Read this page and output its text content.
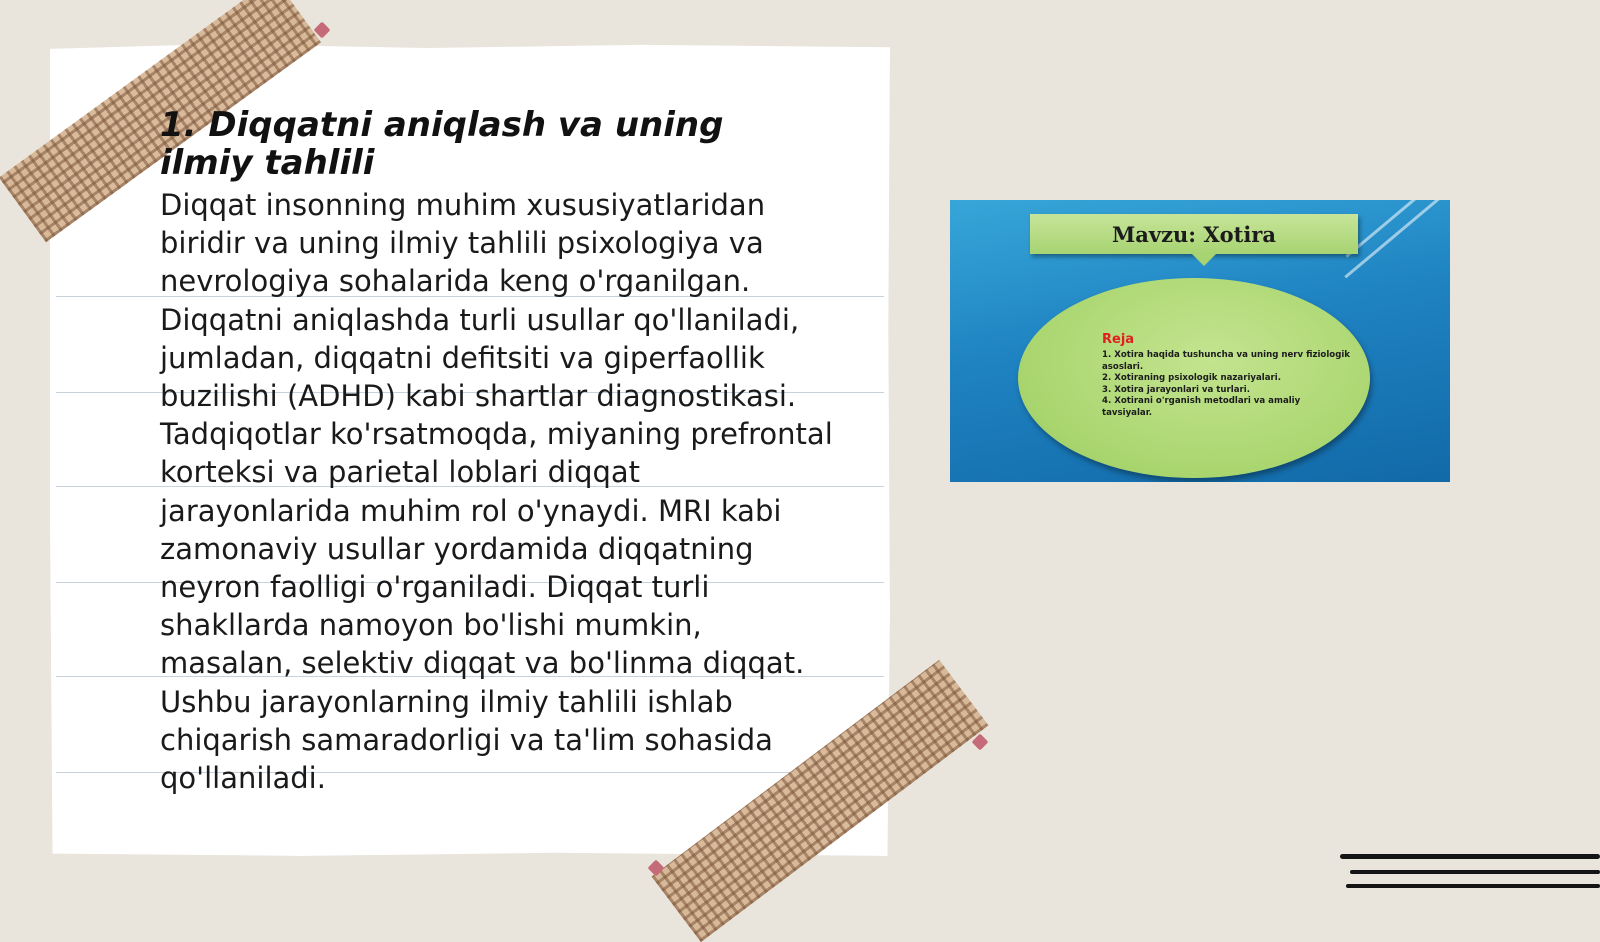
1. Diqqatni aniqlash va uning ilmiy tahlili

Diqqat insonning muhim xususiyatlaridan biridir va uning ilmiy tahlili psixologiya va nevrologiya sohalarida keng o'rganilgan. Diqqatni aniqlashda turli usullar qo'llaniladi, jumladan, diqqatni defitsiti va giperfaollik buzilishi (ADHD) kabi shartlar diagnostikasi. Tadqiqotlar ko'rsatmoqda, miyaning prefrontal korteksi va parietal loblari diqqat jarayonlarida muhim rol o'ynaydi. MRI kabi zamonaviy usullar yordamida diqqatning neyron faolligi o'rganiladi. Diqqat turli shakllarda namoyon bo'lishi mumkin, masalan, selektiv diqqat va bo'linma diqqat. Ushbu jarayonlarning ilmiy tahlili ishlab chiqarish samaradorligi va ta'lim sohasida qo'llaniladi.

Mavzu: Xotira
Reja
1. Xotira haqida tushuncha va uning nerv fiziologik asoslari.
2. Xotiraning psixologik nazariyalari.
3. Xotira jarayonlari va turlari.
4. Xotirani o'rganish metodlari va amaliy tavsiyalar.
